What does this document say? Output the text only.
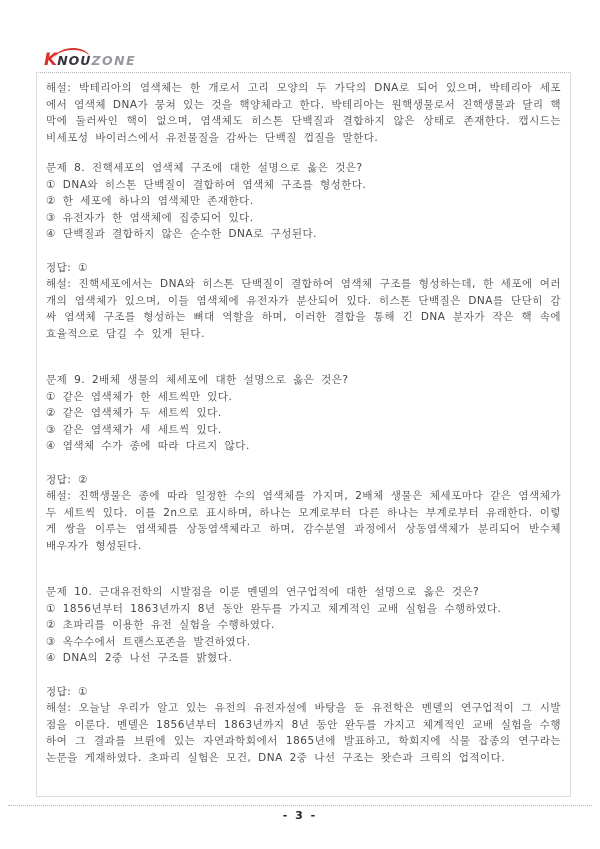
KNOUZONE

해설: 박테리아의 염색체는 한 개로서 고리 모양의 두 가닥의 DNA로 되어 있으며, 박테리아 세포에서 염색체 DNA가 뭉쳐 있는 것을 핵양체라고 한다. 박테리아는 원핵생물로서 진핵생물과 달리 핵막에 둘러싸인 핵이 없으며, 염색체도 히스톤 단백질과 결합하지 않은 상태로 존재한다. 캡시드는 비세포성 바이러스에서 유전물질을 감싸는 단백질 껍질을 말한다.

문제 8. 진핵세포의 염색체 구조에 대한 설명으로 옳은 것은?
① DNA와 히스톤 단백질이 결합하여 염색체 구조를 형성한다.
② 한 세포에 하나의 염색체만 존재한다.
③ 유전자가 한 염색체에 집중되어 있다.
④ 단백질과 결합하지 않은 순수한 DNA로 구성된다.
정답: ①

해설: 진핵세포에서는 DNA와 히스톤 단백질이 결합하여 염색체 구조를 형성하는데, 한 세포에 여러 개의 염색체가 있으며, 이들 염색체에 유전자가 분산되어 있다. 히스톤 단백질은 DNA를 단단히 감싸 염색체 구조를 형성하는 뼈대 역할을 하며, 이러한 결합을 통해 긴 DNA 분자가 작은 핵 속에 효율적으로 담길 수 있게 된다.

문제 9. 2배체 생물의 체세포에 대한 설명으로 옳은 것은?
① 같은 염색체가 한 세트씩만 있다.
② 같은 염색체가 두 세트씩 있다.
③ 같은 염색체가 세 세트씩 있다.
④ 염색체 수가 종에 따라 다르지 않다.
정답: ②

해설: 진핵생물은 종에 따라 일정한 수의 염색체를 가지며, 2배체 생물은 체세포마다 같은 염색체가 두 세트씩 있다. 이를 2n으로 표시하며, 하나는 모계로부터 다른 하나는 부계로부터 유래한다. 이렇게 쌍을 이루는 염색체를 상동염색체라고 하며, 감수분열 과정에서 상동염색체가 분리되어 반수체 배우자가 형성된다.

문제 10. 근대유전학의 시발점을 이룬 멘델의 연구업적에 대한 설명으로 옳은 것은?
① 1856년부터 1863년까지 8년 동안 완두를 가지고 체계적인 교배 실험을 수행하였다.
② 초파리를 이용한 유전 실험을 수행하였다.
③ 옥수수에서 트랜스포존을 발견하였다.
④ DNA의 2중 나선 구조를 밝혔다.
정답: ①

해설: 오늘날 우리가 알고 있는 유전의 유전자설에 바탕을 둔 유전학은 멘델의 연구업적이 그 시발점을 이룬다. 멘델은 1856년부터 1863년까지 8년 동안 완두를 가지고 체계적인 교배 실험을 수행하여 그 결과를 브륀에 있는 자연과학회에서 1865년에 발표하고, 학회지에 식물 잡종의 연구라는 논문을 게재하였다. 초파리 실험은 모건, DNA 2중 나선 구조는 왓슨과 크릭의 업적이다.

- 3 -
